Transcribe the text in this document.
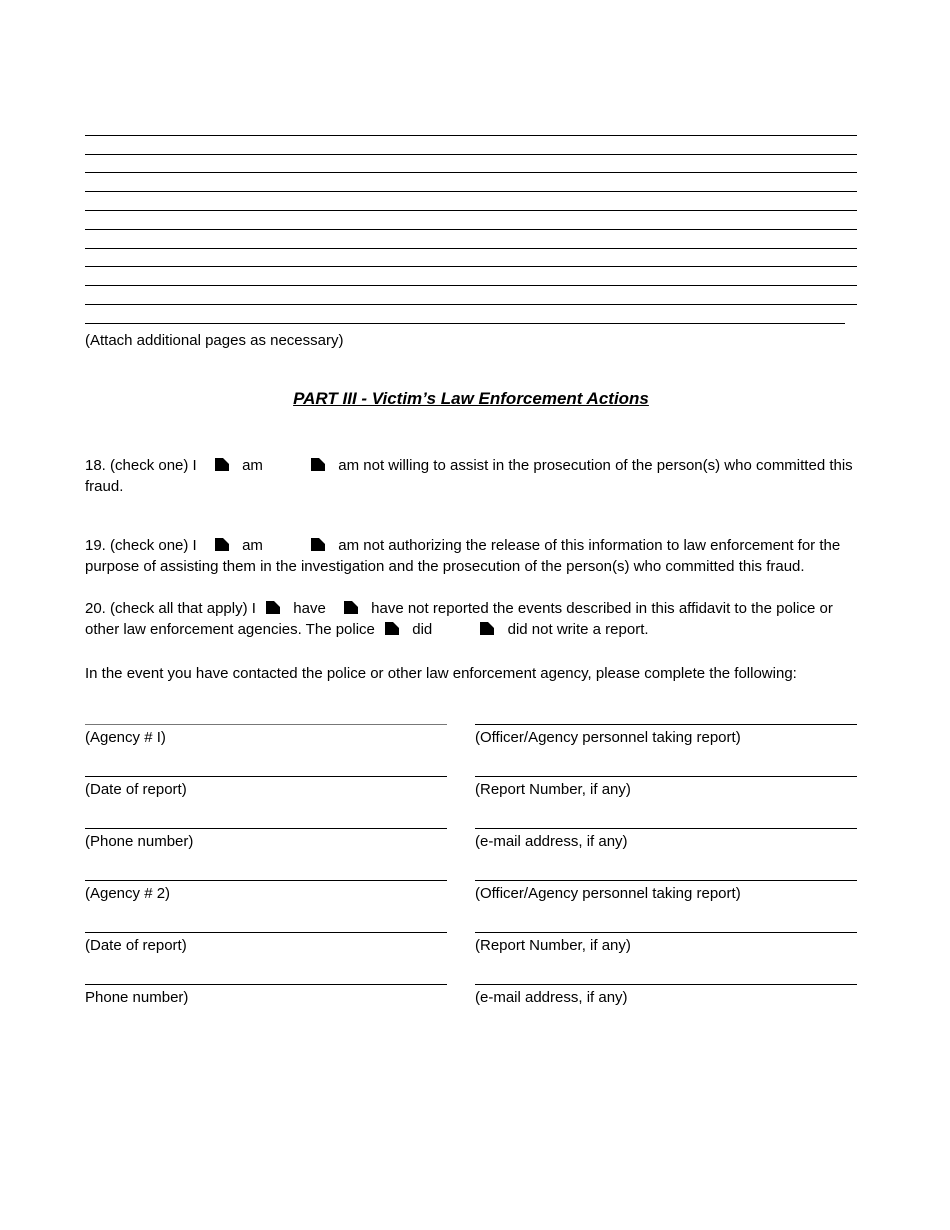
(Attach additional pages as necessary)
PART III - Victim’s Law Enforcement Actions

18. (check one) I	am	am not willing to assist in the prosecution of the person(s) who committed this fraud.

19. (check one) I	am	am not authorizing the release of this information to law enforcement for the purpose of assisting them in the investigation and the prosecution of the person(s) who committed this fraud.

20. (check all that apply) I have	have not reported the events described in this affidavit to the police or other law enforcement agencies. The police did	did not write a report.

In the event you have contacted the police or other law enforcement agency, please complete the following:

(Agency # I)	(Officer/Agency personnel taking report)
(Date of report)	(Report Number, if any)
(Phone number)	(e-mail address, if any)
(Agency # 2)	(Officer/Agency personnel taking report)
(Date of report)	(Report Number, if any)
Phone number)	(e-mail address, if any)
